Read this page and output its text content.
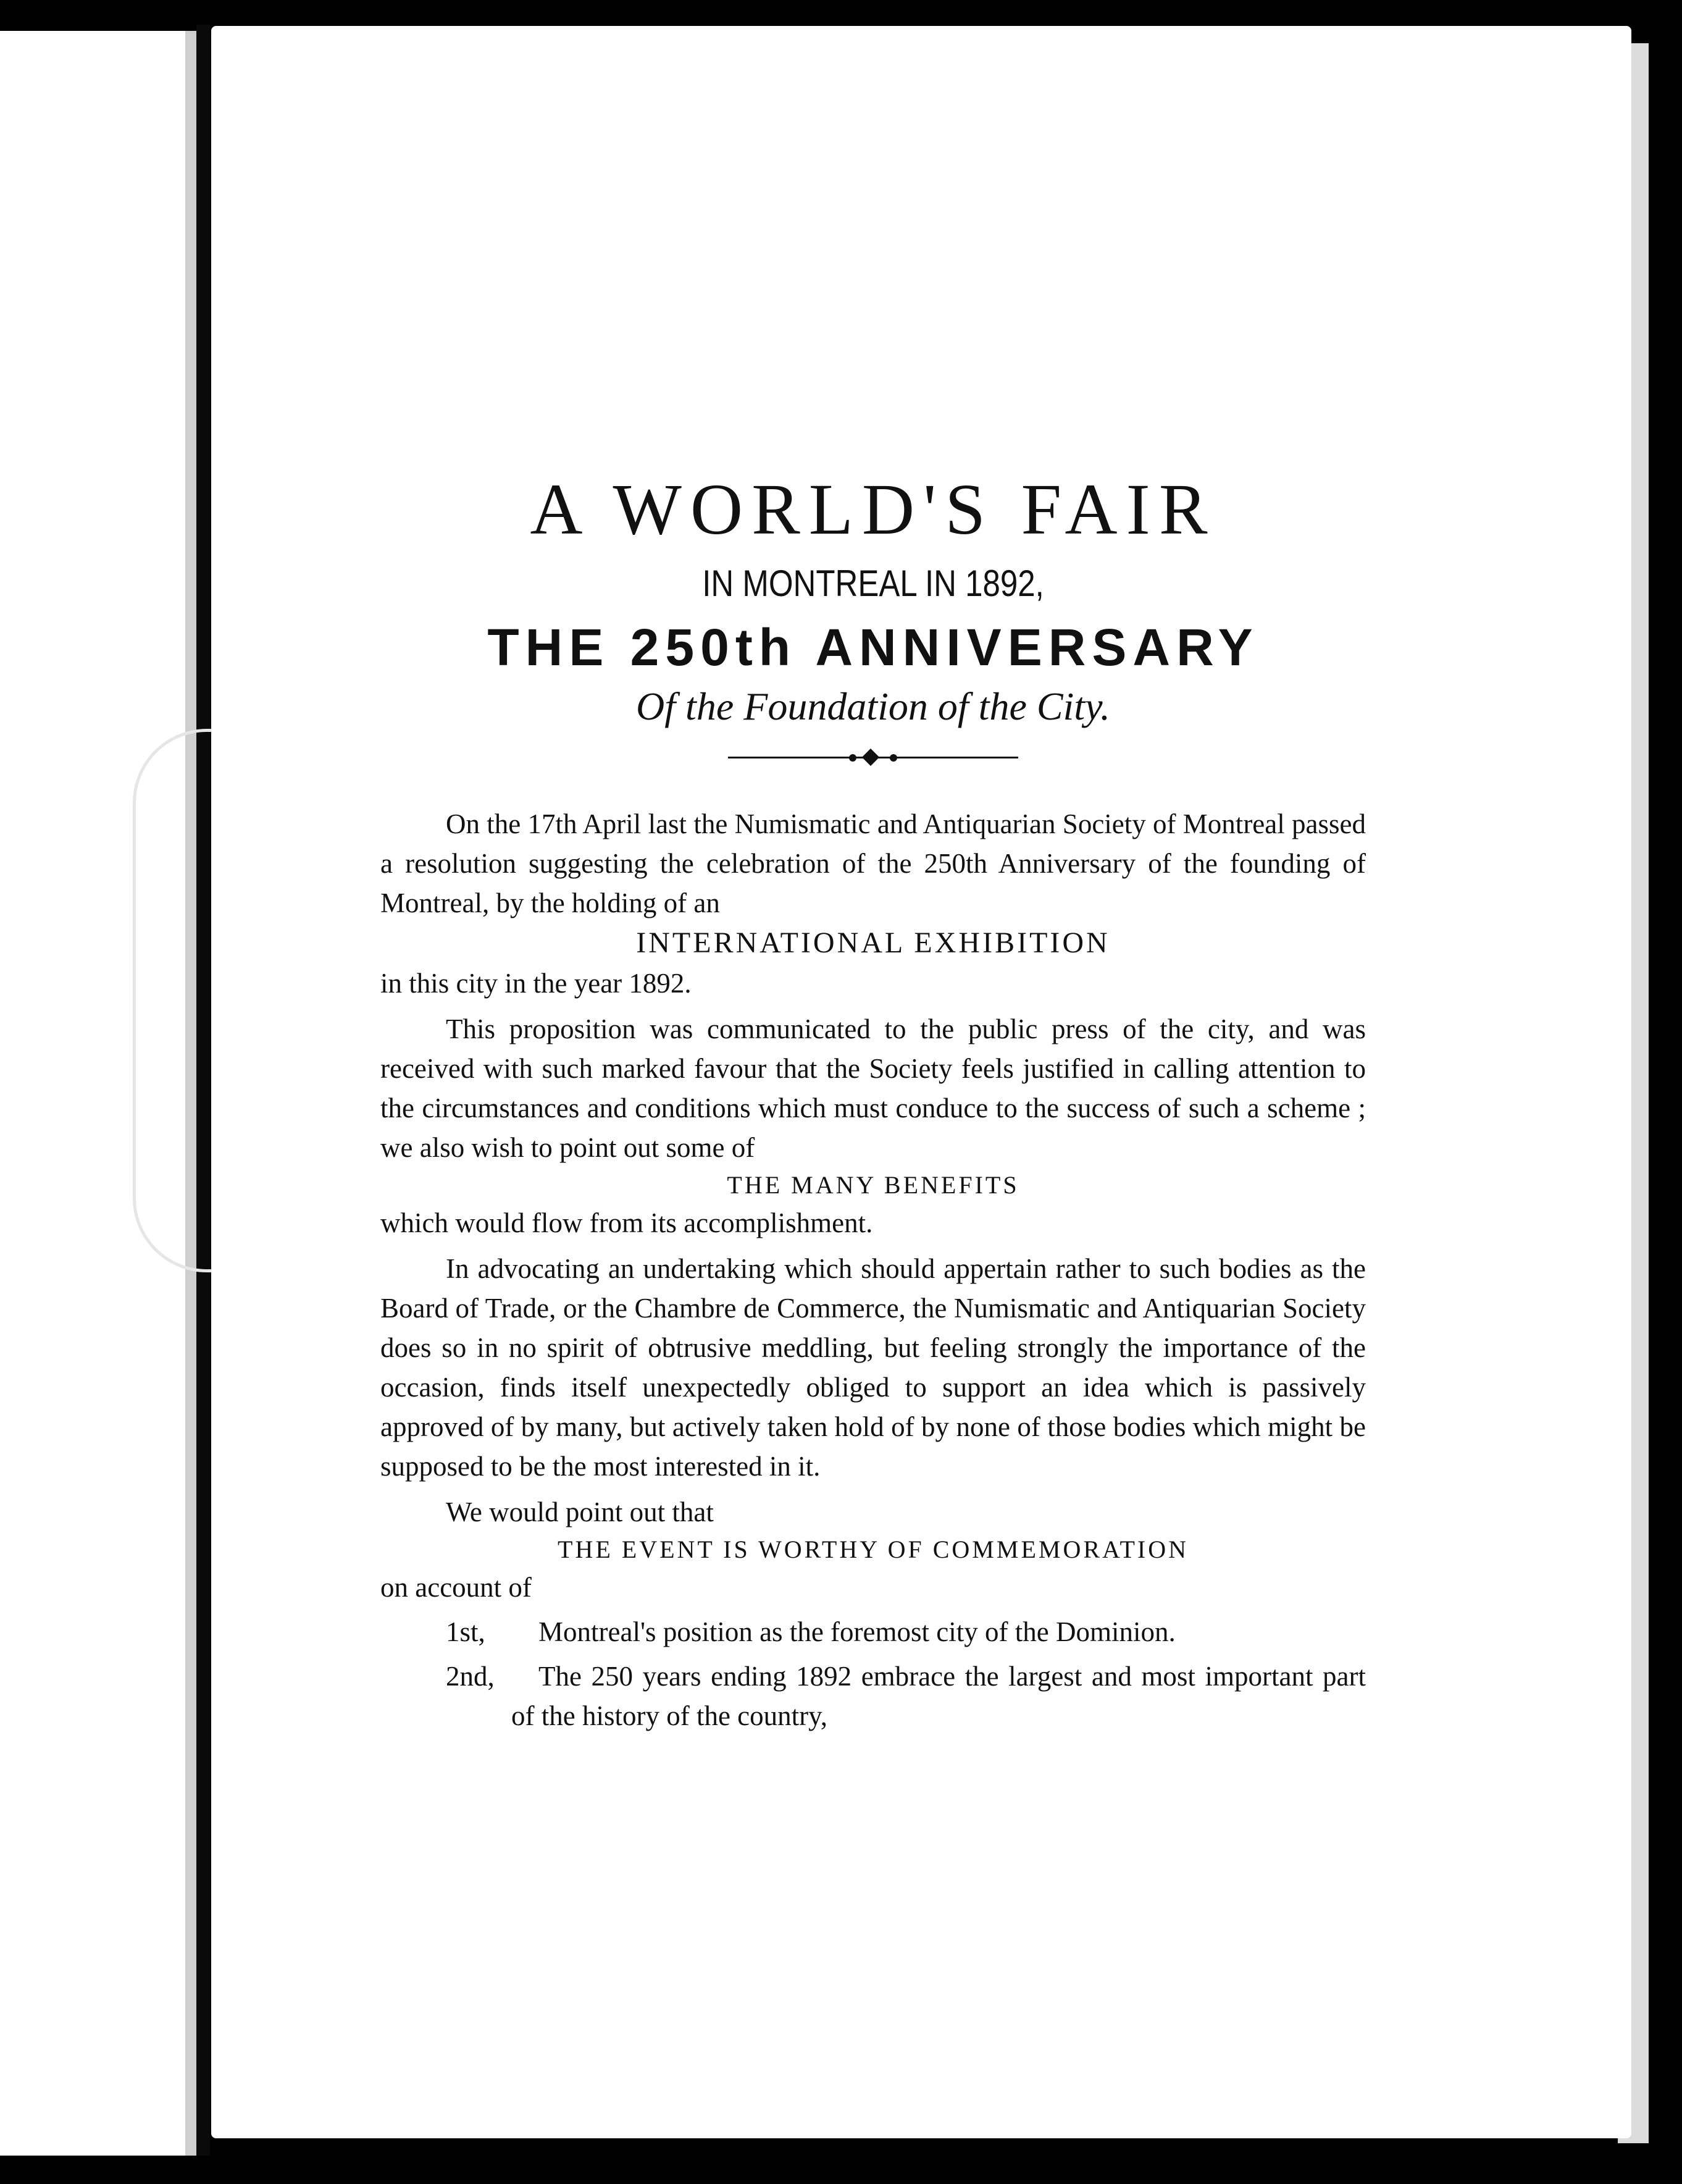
A WORLD'S FAIR
IN MONTREAL IN 1892,
THE 250th ANNIVERSARY
Of the Foundation of the City.

On the 17th April last the Numismatic and Antiquarian Society of Montreal passed a resolution suggesting the celebration of the 250th Anniversary of the founding of Montreal, by the holding of an

INTERNATIONAL EXHIBITION

in this city in the year 1892.

This proposition was communicated to the public press of the city, and was received with such marked favour that the Society feels justified in calling attention to the circumstances and conditions which must conduce to the success of such a scheme ; we also wish to point out some of

THE MANY BENEFITS

which would flow from its accomplishment.

In advocating an undertaking which should appertain rather to such bodies as the Board of Trade, or the Chambre de Commerce, the Numismatic and Antiquarian Society does so in no spirit of obtrusive meddling, but feeling strongly the importance of the occasion, finds itself unexpectedly obliged to support an idea which is passively approved of by many, but actively taken hold of by none of those bodies which might be supposed to be the most interested in it.

We would point out that

THE EVENT IS WORTHY OF COMMEMORATION

on account of

1st, Montreal's position as the foremost city of the Dominion.

2nd, The 250 years ending 1892 embrace the largest and most important part of the history of the country,
